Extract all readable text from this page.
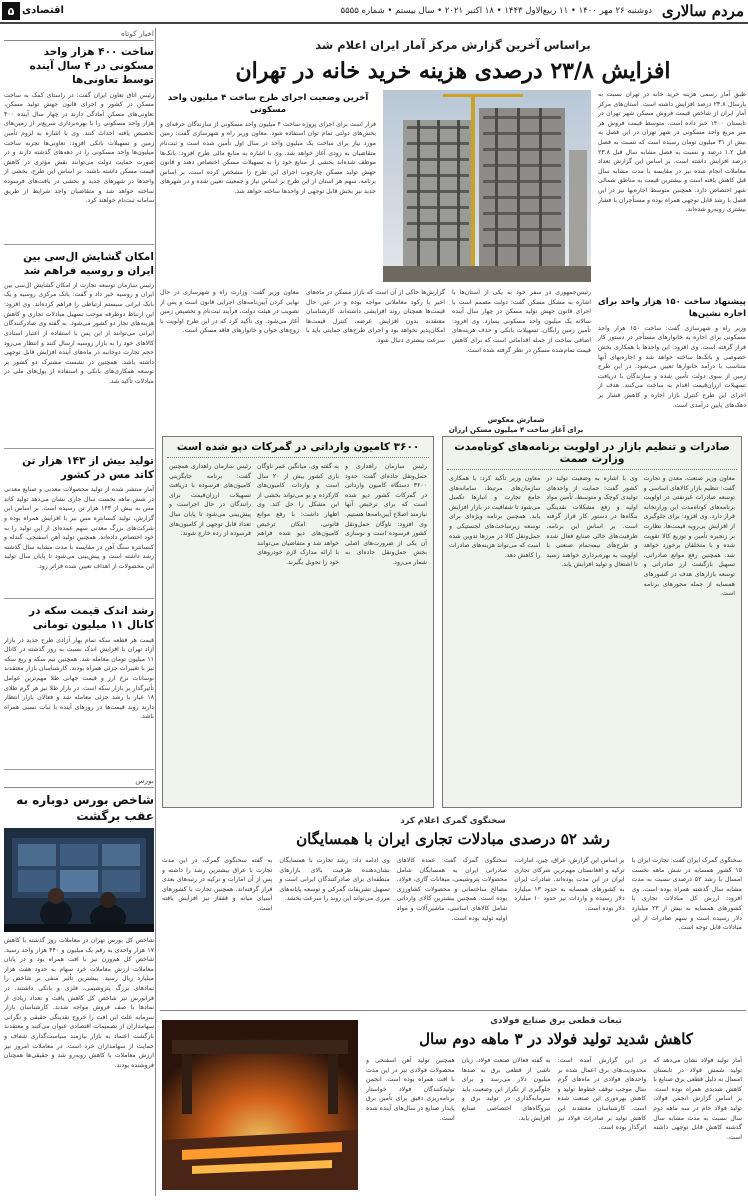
مردم سالاری
دوشنبه ۲۶ مهر ۱۴۰۰ • ۱۱ ربیع‌الاول ۱۴۴۳ • ۱۸ اکتبر ۲۰۲۱ • سال بیستم • شماره ۵۵۵۵
اقتصادی
۵
اخبار کوتاه
ساخت ۴۰۰ هزار واحد مسکونی در ۴ سال آینده توسط تعاونی‌ها
رئیس اتاق تعاون ایران گفت: در راستای کمک به ساخت مسکن در کشور و اجرای قانون جهش تولید مسکن، تعاونی‌های مسکن آمادگی دارند در چهار سال آینده ۴۰۰ هزار واحد مسکونی را با بهره‌برداری سریع‌تر از زمین‌های تخصیص یافته احداث کنند. وی با اشاره به لزوم تأمین زمین و تسهیلات بانکی افزود: تعاونی‌ها تجربه ساخت میلیون‌ها واحد مسکونی را در دهه‌های گذشته دارند و در صورت حمایت دولت می‌توانند نقش مؤثری در کاهش قیمت مسکن داشته باشند. بر اساس این طرح، بخشی از واحدها در شهرهای جدید و بخشی در بافت‌های فرسوده ساخته خواهد شد و متقاضیان واجد شرایط از طریق سامانه ثبت‌نام خواهند کرد.
امکان گشایش ال‌سی بین ایران و روسیه فراهم شد
رئیس سازمان توسعه تجارت از امکان گشایش ال‌سی بین ایران و روسیه خبر داد و گفت: بانک مرکزی روسیه و یک بانک ایرانی سیستم ارتباطی را فراهم کرده‌اند. وی افزود: این ارتباط دوطرفه موجب تسهیل مبادلات تجاری و کاهش هزینه‌های تجار دو کشور می‌شود. به گفته وی صادرکنندگان ایرانی می‌توانند از این پس با استفاده از اعتبار اسنادی کالاهای خود را به بازار روسیه ارسال کنند و انتظار می‌رود حجم تجارت دوجانبه در ماه‌های آینده افزایش قابل توجهی داشته باشد. همچنین در نشست مشترک دو کشور بر توسعه همکاری‌های بانکی و استفاده از پول‌های ملی در مبادلات تأکید شد.
تولید بیش از ۱۴۳ هزار تن کاتد مس در کشور
آمار منتشر شده از تولید محصولات معدنی و صنایع معدنی در شش ماهه نخست سال جاری نشان می‌دهد تولید کاتد مس به بیش از ۱۴۳ هزار تن رسیده است. بر اساس این گزارش، تولید کنسانتره مس نیز با افزایش همراه بوده و شرکت‌های بزرگ معدنی سهم عمده‌ای از این تولید را به خود اختصاص داده‌اند. همچنین تولید آهن اسفنجی، گندله و کنسانتره سنگ آهن در مقایسه با مدت مشابه سال گذشته رشد داشته است و پیش‌بینی می‌شود تا پایان سال تولید این محصولات از اهداف تعیین شده فراتر رود.
رشد اندک قیمت سکه در کانال ۱۱ میلیون تومانی
قیمت هر قطعه سکه تمام بهار آزادی طرح جدید در بازار آزاد تهران با افزایش اندک نسبت به روز گذشته در کانال ۱۱ میلیون تومان معامله شد. همچنین نیم سکه و ربع سکه نیز با تغییرات جزئی همراه بودند. کارشناسان بازار معتقدند نوسانات نرخ ارز و قیمت جهانی طلا مهم‌ترین عوامل تأثیرگذار بر بازار سکه است. در بازار طلا نیز هر گرم طلای ۱۸ عیار با رشد جزئی معامله شد و فعالان بازار انتظار دارند روند قیمت‌ها در روزهای آینده با ثبات نسبی همراه باشد.
بورس
شاخص بورس دوباره به عقب برگشت
شاخص کل بورس تهران در معاملات روز گذشته با کاهش ۱۷ هزار واحدی به رقم یک میلیون و ۴۴۰ هزار واحد رسید. شاخص کل هم‌وزن نیز با افت همراه بود و در پایان معاملات ارزش معاملات خرد سهام به حدود هفت هزار میلیارد ریال رسید. بیشترین تأثیر منفی بر شاخص را نمادهای بزرگ پتروشیمی، فلزی و بانکی داشتند. در فرابورس نیز شاخص کل کاهش یافت و تعداد زیادی از نمادها با صف فروش مواجه شدند. کارشناسان بازار سرمایه علت این افت را خروج نقدینگی حقیقی و نگرانی سهامداران از تصمیمات اقتصادی عنوان می‌کنند و معتقدند بازگشت اعتماد به بازار نیازمند سیاست‌گذاری شفاف و حمایت از سهامداران خرد است. در معاملات امروز نیز ارزش معاملات با کاهش روبه‌رو شد و حقیقی‌ها همچنان فروشنده بودند.
براساس آخرین گزارش مرکز آمار ایران اعلام شد
افزایش ۲۳/۸ درصدی هزینه خرید خانه در تهران
طبق آمار رسمی هزینه خرید خانه در تهران نسبت به پارسال ۲۳.۸ درصد افزایش داشته است. استان‌های مرکز آمار ایران از شاخص قیمت فروش مسکن شهر تهران در تابستان ۱۴۰۰ خبر داده است. متوسط قیمت فروش هر متر مربع واحد مسکونی در شهر تهران در این فصل به بیش از ۳۱ میلیون تومان رسیده است که نسبت به فصل قبل ۱.۲ درصد و نسبت به فصل مشابه سال قبل ۲۳.۸ درصد افزایش داشته است. بر اساس این گزارش تعداد معاملات انجام شده نیز در مقایسه با مدت مشابه سال قبل کاهش یافته است و بیشترین قیمت به مناطق شمالی شهر اختصاص دارد. همچنین متوسط اجاره‌بها نیز در این فصل با رشد قابل توجهی همراه بوده و مستأجران با فشار بیشتری روبه‌رو شده‌اند.
پیشنهاد ساخت ۱۵۰ هزار واحد برای اجاره نشین‌ها
وزیر راه و شهرسازی گفت: ساخت ۱۵۰ هزار واحد مسکونی برای اجاره به خانوارهای مستأجر در دستور کار قرار گرفته است. وی افزود: این واحدها با همکاری بخش خصوصی و بانک‌ها ساخته خواهد شد و اجاره‌بهای آنها متناسب با درآمد خانوارها تعیین می‌شود. در این طرح زمین از سوی دولت تأمین شده و سازندگان با دریافت تسهیلات ارزان‌قیمت اقدام به ساخت می‌کنند. هدف از اجرای این طرح کنترل بازار اجاره و کاهش فشار بر دهک‌های پایین درآمدی است.
آخرین وضعیت اجرای طرح ساخت ۴ میلیون واحد مسکونی
قرار است برای اجرای پروژه ساخت ۴ میلیون واحد مسکونی از سازندگان حرفه‌ای و بخش‌های دولتی تمام توان استفاده شود. معاون وزیر راه و شهرسازی گفت: زمین مورد نیاز برای ساخت یک میلیون واحد در سال اول تأمین شده است و ثبت‌نام متقاضیان به زودی آغاز خواهد شد. وی با اشاره به منابع مالی طرح افزود: بانک‌ها موظف شده‌اند بخشی از منابع خود را به تسهیلات مسکن اختصاص دهند و قانون جهش تولید مسکن چارچوب اجرای این طرح را مشخص کرده است. بر اساس برنامه، سهم هر استان از این طرح بر اساس نیاز و جمعیت تعیین شده و در شهرهای جدید نیز بخش قابل توجهی از واحدها ساخته خواهد شد.
رئیس‌جمهوری در سفر خود به یکی از استان‌ها با اشاره به مشکل مسکن گفت: دولت مصمم است با اجرای قانون جهش تولید مسکن در چهار سال آینده سالانه یک میلیون واحد مسکونی بسازد. وی افزود: تأمین زمین رایگان، تسهیلات بانکی و حذف هزینه‌های اضافی ساخت از جمله اقداماتی است که برای کاهش قیمت تمام‌شده مسکن در نظر گرفته شده است.
گزارش‌ها حاکی از آن است که بازار مسکن در ماه‌های اخیر با رکود معاملاتی مواجه بوده و در عین حال قیمت‌ها همچنان روند افزایشی داشته‌اند. کارشناسان معتقدند بدون افزایش عرضه، کنترل قیمت‌ها امکان‌پذیر نخواهد بود و اجرای طرح‌های حمایتی باید با سرعت بیشتری دنبال شود.
معاون وزیر گفت: وزارت راه و شهرسازی در حال نهایی کردن آیین‌نامه‌های اجرایی قانون است و پس از تصویب در هیئت دولت، فرآیند ثبت‌نام و تخصیص زمین آغاز می‌شود. وی تأکید کرد که در این طرح اولویت با زوج‌های جوان و خانوارهای فاقد مسکن است.
شمارش معکوس
برای آغاز ساخت ۴ میلیون مسکن ارزان
صادرات و تنظیم بازار در اولویت برنامه‌های کوتاه‌مدت وزارت صمت
معاون وزیر صنعت، معدن و تجارت گفت: تنظیم بازار کالاهای اساسی و توسعه صادرات غیرنفتی در اولویت برنامه‌های کوتاه‌مدت این وزارتخانه قرار دارد. وی افزود: برای جلوگیری از افزایش بی‌رویه قیمت‌ها، نظارت بر زنجیره تأمین و توزیع کالا تقویت شده و با متخلفان برخورد خواهد شد. همچنین رفع موانع صادراتی، تسهیل بازگشت ارز صادراتی و توسعه بازارهای هدف در کشورهای همسایه از جمله محورهای برنامه است.
وی با اشاره به وضعیت تولید در کشور گفت: حمایت از واحدهای تولیدی کوچک و متوسط، تأمین مواد اولیه و رفع مشکلات نقدینگی بنگاه‌ها در دستور کار قرار گرفته است. بر اساس این برنامه، ظرفیت‌های خالی صنایع فعال شده و طرح‌های نیمه‌تمام صنعتی با اولویت به بهره‌برداری خواهند رسید تا اشتغال و تولید افزایش یابد.
معاون وزیر تأکید کرد: با همکاری سازمان‌های مرتبط، سامانه‌های جامع تجارت و انبارها تکمیل می‌شود تا شفافیت در بازار افزایش یابد. همچنین برنامه ویژه‌ای برای توسعه زیرساخت‌های لجستیکی و حمل‌ونقل کالا در مرزها تدوین شده است که می‌تواند هزینه‌های صادرات را کاهش دهد.
۳۶۰۰ کامیون وارداتی در گمرکات دپو شده است
رئیس سازمان راهداری و حمل‌ونقل جاده‌ای گفت: حدود ۳۶۰۰ دستگاه کامیون وارداتی در گمرکات کشور دپو شده است که برای ترخیص آنها نیازمند اصلاح آیین‌نامه‌ها هستیم. وی افزود: ناوگان حمل‌ونقل کشور فرسوده است و نوسازی آن یکی از ضرورت‌های اصلی بخش حمل‌ونقل جاده‌ای به شمار می‌رود.
به گفته وی، میانگین عمر ناوگان باری کشور بیش از ۲۰ سال است و واردات کامیون‌های کارکرده و نو می‌تواند بخشی از این مشکل را حل کند. وی اظهار داشت: با رفع موانع قانونی، امکان ترخیص کامیون‌های دپو شده فراهم خواهد شد و متقاضیان می‌توانند با ارائه مدارک لازم خودروهای خود را تحویل بگیرند.
رئیس سازمان راهداری همچنین گفت: برنامه جایگزینی کامیون‌های فرسوده با دریافت تسهیلات ارزان‌قیمت برای رانندگان در حال اجراست و پیش‌بینی می‌شود تا پایان سال تعداد قابل توجهی از کامیون‌های فرسوده از رده خارج شوند.
سخنگوی گمرک اعلام کرد
رشد ۵۲ درصدی مبادلات تجاری ایران با همسایگان
سخنگوی گمرک ایران گفت: تجارت ایران با ۱۵ کشور همسایه در شش ماهه نخست امسال با رشد ۵۲ درصدی نسبت به مدت مشابه سال گذشته همراه بوده است. وی افزود: ارزش کل مبادلات تجاری با کشورهای همسایه به بیش از ۲۳ میلیارد دلار رسیده است و سهم صادرات از این مبادلات قابل توجه است.
بر اساس این گزارش، عراق، چین، امارات، ترکیه و افغانستان مهم‌ترین شرکای تجاری ایران در این مدت بوده‌اند. صادرات ایران به کشورهای همسایه به حدود ۱۳ میلیارد دلار رسیده و واردات نیز حدود ۱۰ میلیارد دلار بوده است.
سخنگوی گمرک گفت: عمده کالاهای صادراتی ایران به همسایگان شامل محصولات پتروشیمی، میعانات گازی، فولاد، مصالح ساختمانی و محصولات کشاورزی بوده است. همچنین بیشترین کالای وارداتی شامل کالاهای اساسی، ماشین‌آلات و مواد اولیه تولید بوده است.
وی ادامه داد: رشد تجارت با همسایگان نشان‌دهنده ظرفیت بالای بازارهای منطقه‌ای برای صادرکنندگان ایرانی است و تسهیل تشریفات گمرکی و توسعه پایانه‌های مرزی می‌تواند این روند را سرعت بخشد.
به گفته سخنگوی گمرک، در این مدت تجارت با عراق بیشترین رشد را داشته و پس از آن امارات و ترکیه در رتبه‌های بعدی قرار گرفته‌اند. همچنین تجارت با کشورهای آسیای میانه و قفقاز نیز افزایش یافته است.
تبعات قطعی برق صنایع فولادی
کاهش شدید تولید فولاد در ۳ ماهه دوم سال
آمار تولید فولاد نشان می‌دهد که تولید شمش فولاد در تابستان امسال به دلیل قطعی برق صنایع با کاهش شدیدی همراه بوده است. بر اساس گزارش انجمن فولاد، تولید فولاد خام در سه ماهه دوم سال نسبت به مدت مشابه سال گذشته کاهش قابل توجهی داشته است.
در این گزارش آمده است: محدودیت‌های برق اعمال شده بر واحدهای فولادی در ماه‌های گرم سال موجب توقف خطوط تولید و کاهش بهره‌وری این صنعت شده است. کارشناسان معتقدند این کاهش تولید بر صادرات فولاد نیز اثرگذار بوده است.
به گفته فعالان صنعت فولاد، زیان ناشی از قطعی برق به صدها میلیون دلار می‌رسد و برای جلوگیری از تکرار این وضعیت باید سرمایه‌گذاری در تولید برق و نیروگاه‌های اختصاصی صنایع افزایش یابد.
همچنین تولید آهن اسفنجی و محصولات فولادی نیز در این مدت با افت همراه بوده است. انجمن تولیدکنندگان فولاد خواستار برنامه‌ریزی دقیق برای تأمین برق پایدار صنایع در سال‌های آینده شده است.
